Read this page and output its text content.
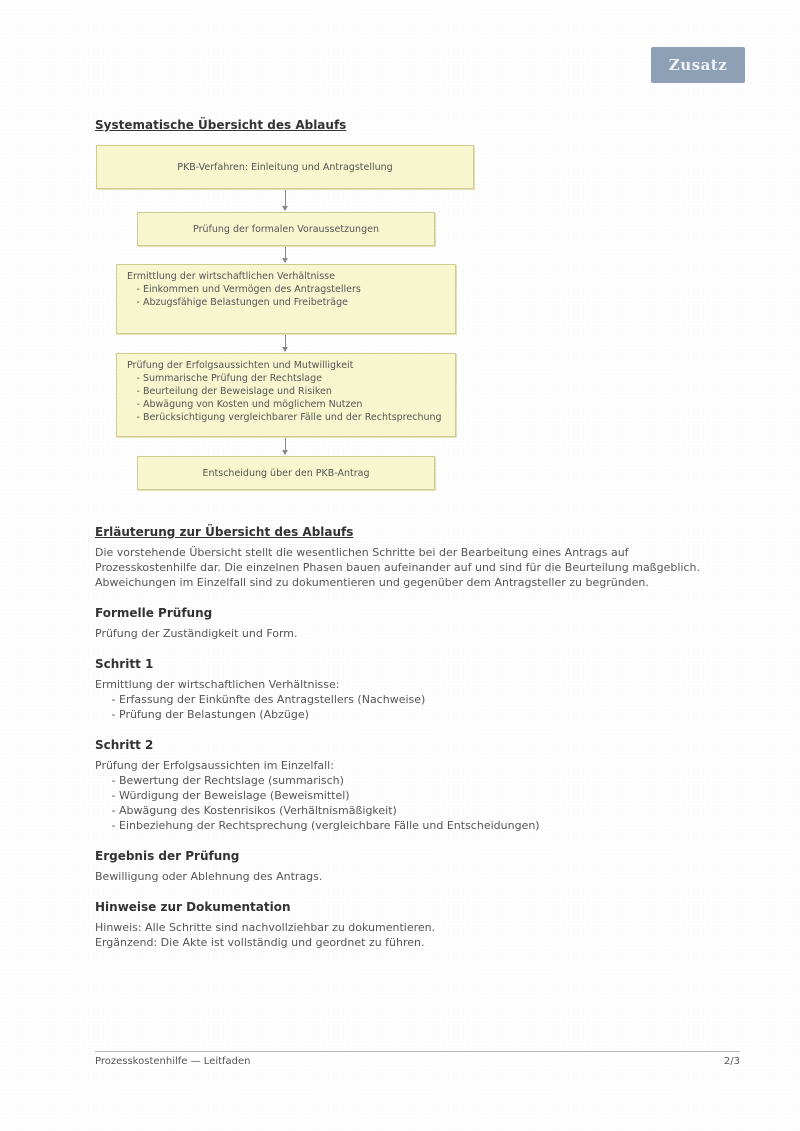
Zusatz
Systematische Übersicht des Ablaufs
PKB-Verfahren: Einleitung und Antragstellung
Prüfung der formalen Voraussetzungen
Ermittlung der wirtschaftlichen Verhältnisse
- Einkommen und Vermögen des Antragstellers
- Abzugsfähige Belastungen und Freibeträge
Prüfung der Erfolgsaussichten und Mutwilligkeit
- Summarische Prüfung der Rechtslage
- Beurteilung der Beweislage und Risiken
- Abwägung von Kosten und möglichem Nutzen
- Berücksichtigung vergleichbarer Fälle und der Rechtsprechung
Entscheidung über den PKB-Antrag
Erläuterung zur Übersicht des Ablaufs

Die vorstehende Übersicht stellt die wesentlichen Schritte bei der Bearbeitung eines Antrags auf Prozesskostenhilfe dar. Die einzelnen Phasen bauen aufeinander auf und sind für die Beurteilung maßgeblich. Abweichungen im Einzelfall sind zu dokumentieren und gegenüber dem Antragsteller zu begründen.

Formelle Prüfung

Prüfung der Zuständigkeit und Form.

Schritt 1

Ermittlung der wirtschaftlichen Verhältnisse:

- Erfassung der Einkünfte des Antragstellers (Nachweise)
- Prüfung der Belastungen (Abzüge)
Schritt 2

Prüfung der Erfolgsaussichten im Einzelfall:

- Bewertung der Rechtslage (summarisch)
- Würdigung der Beweislage (Beweismittel)
- Abwägung des Kostenrisikos (Verhältnismäßigkeit)
- Einbeziehung der Rechtsprechung (vergleichbare Fälle und Entscheidungen)
Ergebnis der Prüfung

Bewilligung oder Ablehnung des Antrags.

Hinweise zur Dokumentation

Hinweis: Alle Schritte sind nachvollziehbar zu dokumentieren.

Ergänzend: Die Akte ist vollständig und geordnet zu führen.

Prozesskostenhilfe — Leitfaden	2/3
